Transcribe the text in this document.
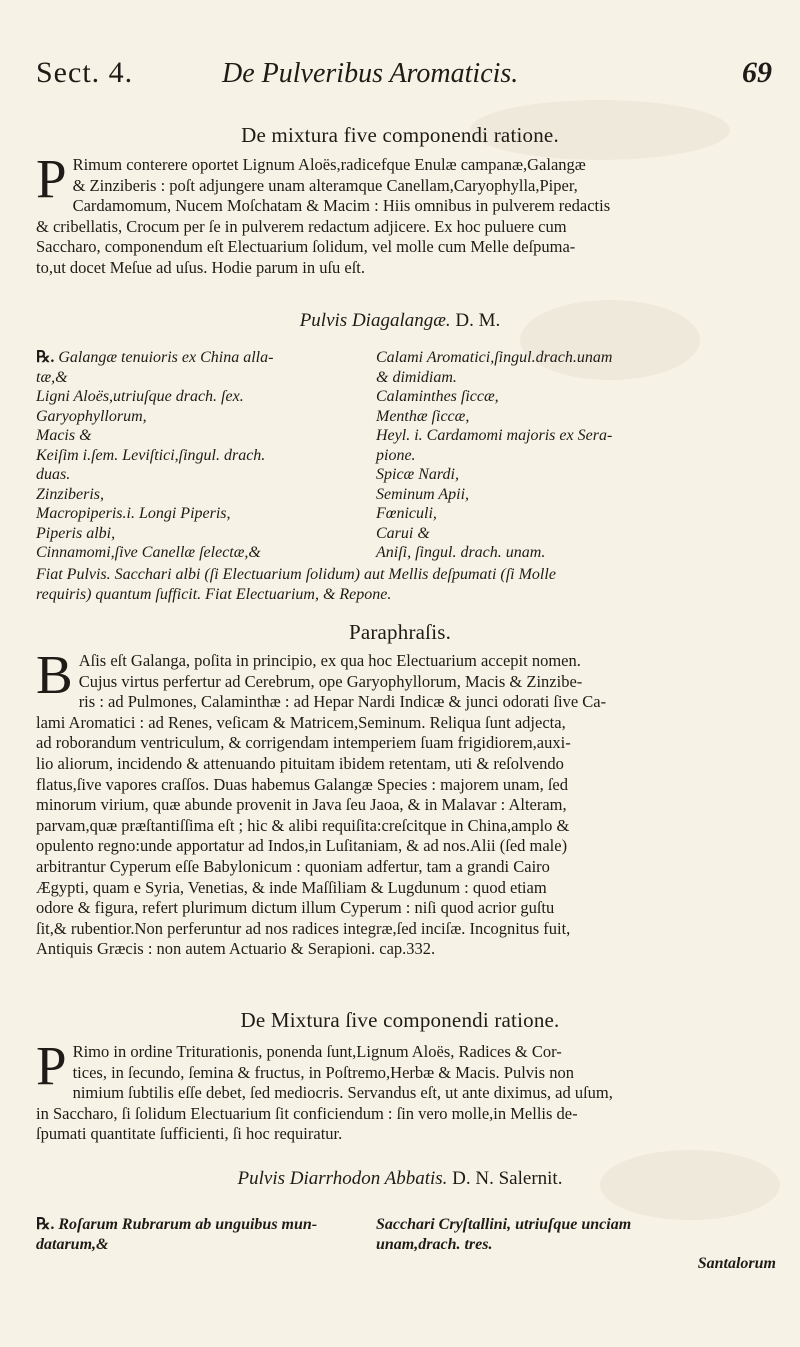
Sect. 4.	De Pulveribus Aromaticis.	69
De mixtura five componendi ratione.
P Rimum conterere oportet Lignum Aloës,radicefque Enulæ campanæ,Galangæ
& Zinziberis : poſt adjungere unam alteramque Canellam,Caryophylla,Piper,
Cardamomum, Nucem Moſchatam & Macim : Hiis omnibus in pulverem redactis
& cribellatis, Crocum per ſe in pulverem redactum adjicere. Ex hoc puluere cum
Saccharo, componendum eſt Electuarium ſolidum, vel molle cum Melle deſpuma-
to,ut docet Meſue ad uſus. Hodie parum in uſu eſt.
Pulvis Diagalangæ. D. M.
℞. Galangæ tenuioris ex China alla-
tæ,&
Ligni Aloës,utriuſque drach. ſex.
Garyophyllorum,
Macis &
Keiſim i.ſem. Leviſtici,ſingul. drach.
duas.
Zinziberis,
Macropiperis.i. Longi Piperis,
Piperis albi,
Cinnamomi,ſive Canellæ ſelectæ,&
Calami Aromatici,ſingul.drach.unam
& dimidiam.
Calaminthes ſiccæ,
Menthæ ſiccæ,
Heyl. i. Cardamomi majoris ex Sera-
pione.
Spicæ Nardi,
Seminum Apii,
Fœniculi,
Carui &
Aniſi, ſingul. drach. unam.
Fiat Pulvis. Sacchari albi (ſi Electuarium ſolidum) aut Mellis deſpumati (ſi Molle
requiris) quantum ſufficit. Fiat Electuarium, & Repone.
Paraphraſis.
B Aſis eſt Galanga, poſita in principio, ex qua hoc Electuarium accepit nomen.
Cujus virtus perfertur ad Cerebrum, ope Garyophyllorum, Macis & Zinzibe-
ris : ad Pulmones, Calaminthæ : ad Hepar Nardi Indicæ & junci odorati ſive Ca-
lami Aromatici : ad Renes, veſicam & Matricem,Seminum. Reliqua ſunt adjecta,
ad roborandum ventriculum, & corrigendam intemperiem ſuam frigidiorem,auxi-
lio aliorum, incidendo & attenuando pituitam ibidem retentam, uti & reſolvendo
flatus,ſive vapores craſſos. Duas habemus Galangæ Species : majorem unam, ſed
minorum virium, quæ abunde provenit in Java ſeu Jaoa, & in Malavar : Alteram,
parvam,quæ præſtantiſſima eſt ; hic & alibi requiſita:creſcitque in China,amplo &
opulento regno:unde apportatur ad Indos,in Luſitaniam, & ad nos.Alii (ſed male)
arbitrantur Cyperum eſſe Babylonicum : quoniam adfertur, tam a grandi Cairo
Ægypti, quam e Syria, Venetias, & inde Maſſiliam & Lugdunum : quod etiam
odore & figura, refert plurimum dictum illum Cyperum : niſi quod acrior guſtu
ſit,& rubentior.Non perferuntur ad nos radices integræ,ſed inciſæ. Incognitus fuit,
Antiquis Græcis : non autem Actuario & Serapioni. cap.332.
De Mixtura ſive componendi ratione.
P Rimo in ordine Triturationis, ponenda ſunt,Lignum Aloës, Radices & Cor-
tices, in ſecundo, ſemina & fructus, in Poſtremo,Herbæ & Macis. Pulvis non
nimium ſubtilis eſſe debet, ſed mediocris. Servandus eſt, ut ante diximus, ad uſum,
in Saccharo, ſi ſolidum Electuarium ſit conficiendum : ſin vero molle,in Mellis de-
ſpumati quantitate ſufficienti, ſi hoc requiratur.
Pulvis Diarrhodon Abbatis. D. N. Salernit.
℞. Roſarum Rubrarum ab unguibus mun-
datarum,&
Sacchari Cryſtallini, utriuſque unciam
unam,drach. tres.
Santalorum
